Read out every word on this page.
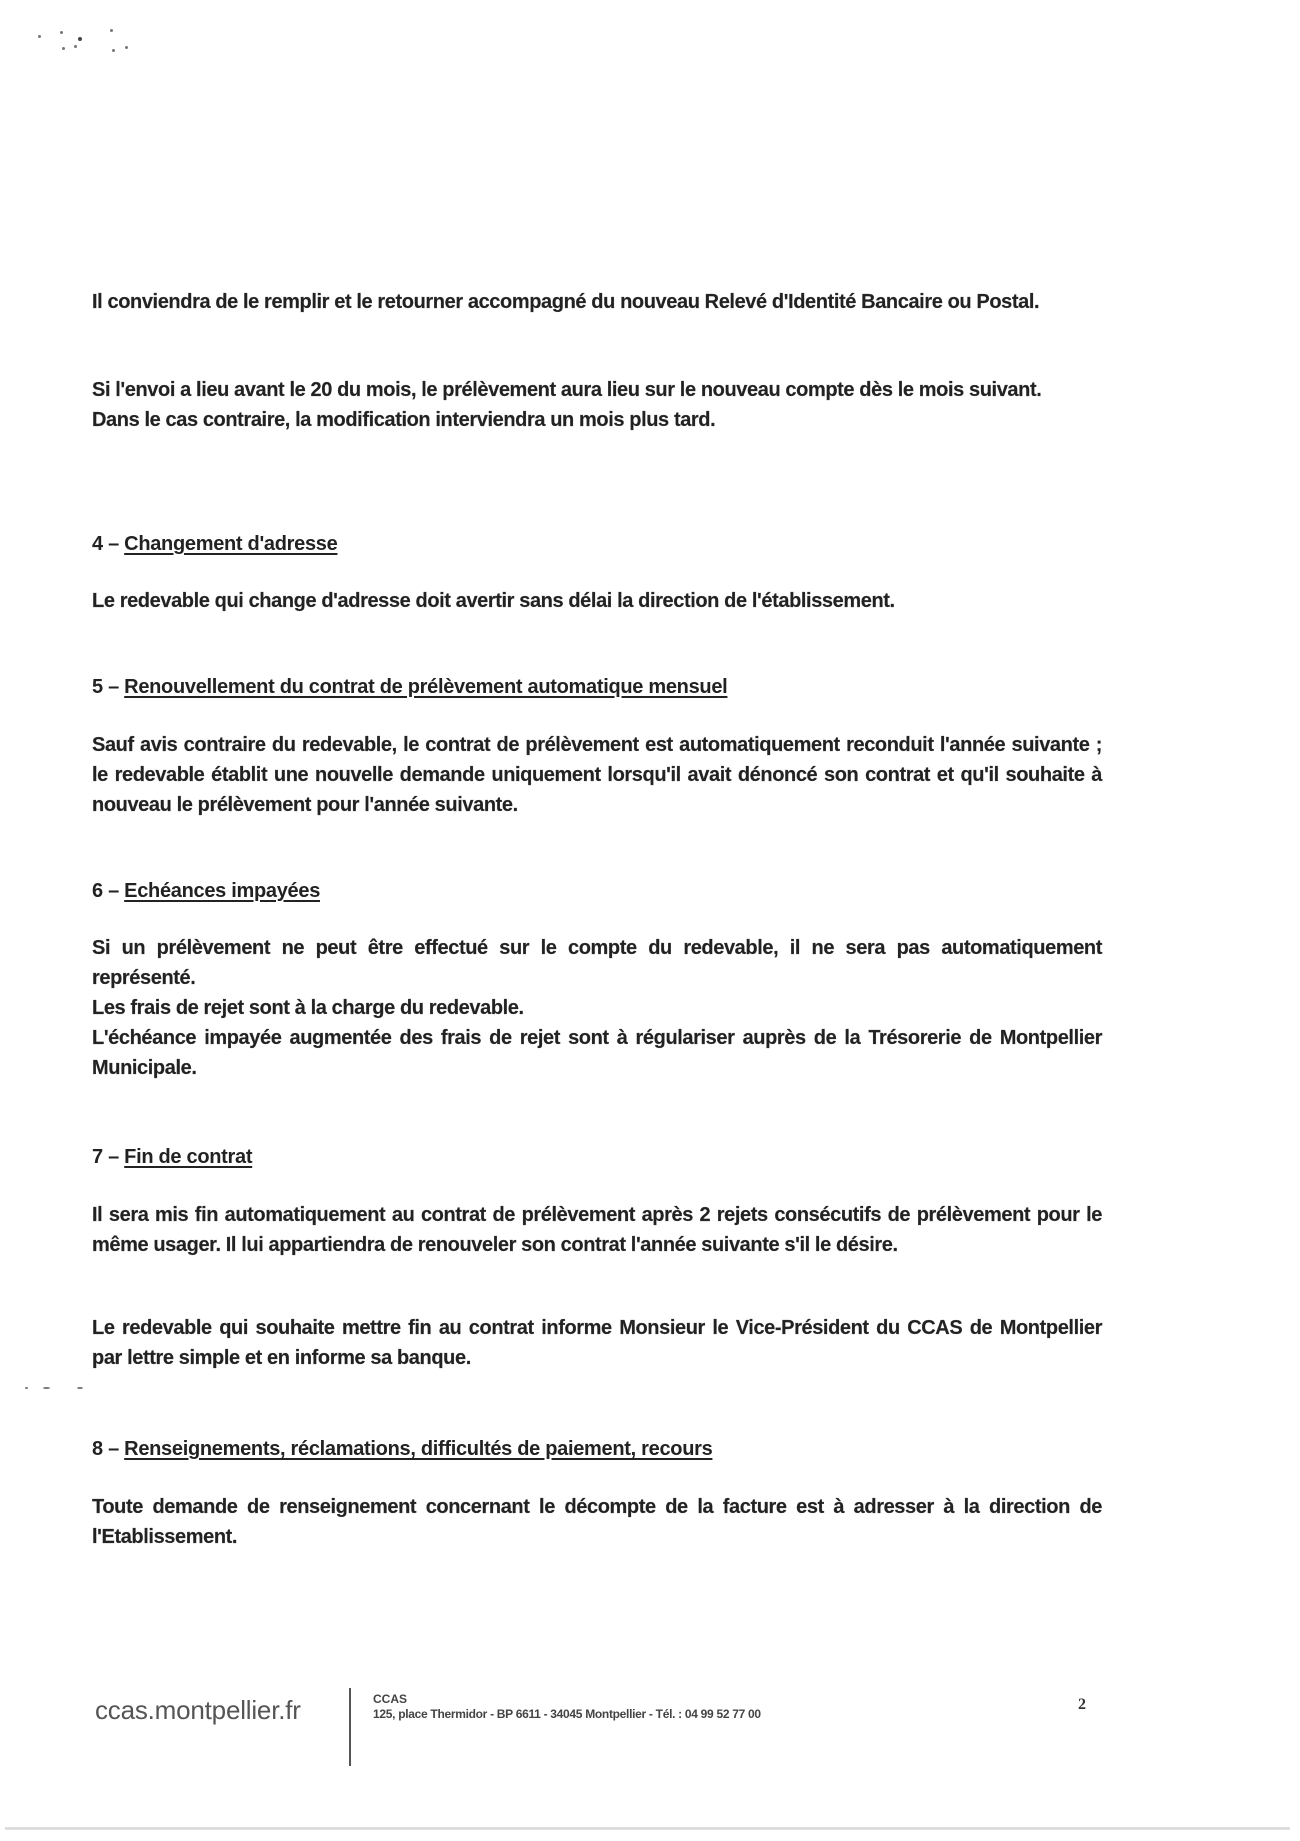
Il conviendra de le remplir et le retourner accompagné du nouveau Relevé d'Identité Bancaire ou Postal.

Si l'envoi a lieu avant le 20 du mois, le prélèvement aura lieu sur le nouveau compte dès le mois suivant.

Dans le cas contraire, la modification interviendra un mois plus tard.

4 – Changement d'adresse

Le redevable qui change d'adresse doit avertir sans délai la direction de l'établissement.

5 – Renouvellement du contrat de prélèvement automatique mensuel

Sauf avis contraire du redevable, le contrat de prélèvement est automatiquement reconduit l'année suivante ; le redevable établit une nouvelle demande uniquement lorsqu'il avait dénoncé son contrat et qu'il souhaite à nouveau le prélèvement pour l'année suivante.

6 – Echéances impayées

Si un prélèvement ne peut être effectué sur le compte du redevable, il ne sera pas automatiquement représenté.

Les frais de rejet sont à la charge du redevable.

L'échéance impayée augmentée des frais de rejet sont à régulariser auprès de la Trésorerie de Montpellier Municipale.

7 – Fin de contrat

Il sera mis fin automatiquement au contrat de prélèvement après 2 rejets consécutifs de prélèvement pour le même usager. Il lui appartiendra de renouveler son contrat l'année suivante s'il le désire.

Le redevable qui souhaite mettre fin au contrat informe Monsieur le Vice-Président du CCAS de Montpellier par lettre simple et en informe sa banque.

8 – Renseignements, réclamations, difficultés de paiement, recours

Toute demande de renseignement concernant le décompte de la facture est à adresser à la direction de l'Etablissement.

ccas.montpellier.fr	CCAS
125, place Thermidor - BP 6611 - 34045 Montpellier - Tél. : 04 99 52 77 00
2
